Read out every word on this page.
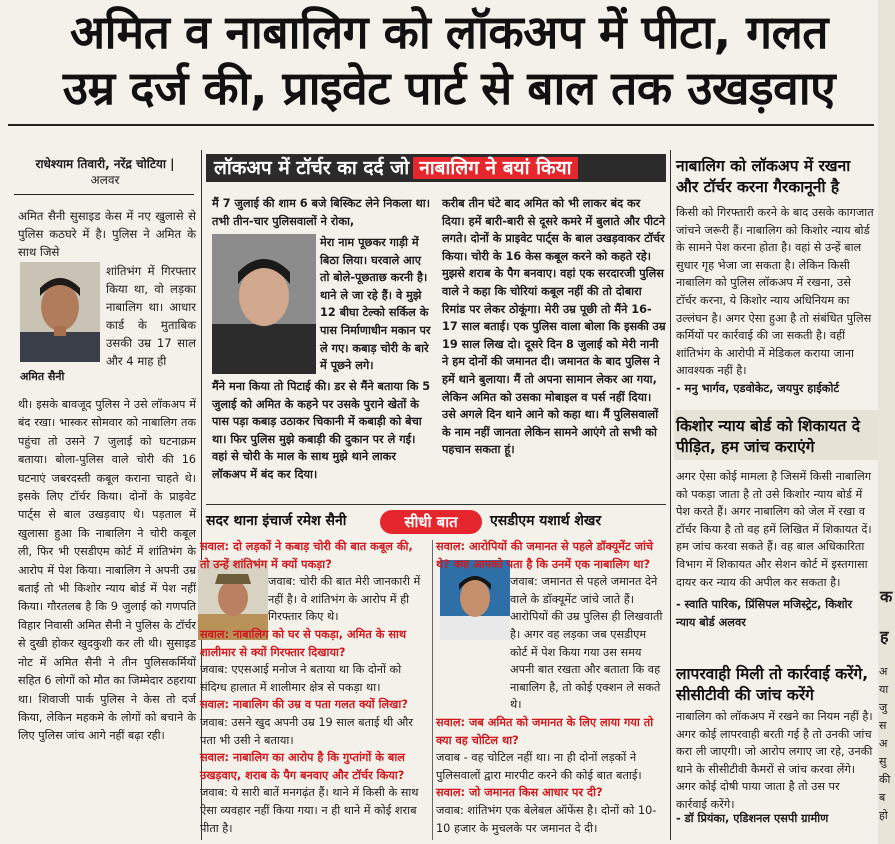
अमित व नाबालिग को लॉकअप में पीटा, गलत
उम्र दर्ज की, प्राइवेट पार्ट से बाल तक उखड़वाए
राधेश्याम तिवारी, नरेंद्र चोटिया |
अलवर
अमित सैनी सुसाइड केस में नए खुलासे से पुलिस कठघरे में है। पुलिस ने अमित के साथ जिसे
अमित सैनी
शांतिभंग में गिरफ्तार किया था, वो लड़का नाबालिग था। आधार कार्ड के मुताबिक उसकी उम्र 17 साल और 4 माह ही
थी। इसके बावजूद पुलिस ने उसे लॉकअप में बंद रखा। भास्कर सोमवार को नाबालिग तक पहुंचा तो उसने 7 जुलाई को घटनाक्रम बताया। बोला-पुलिस वाले चोरी की 16 घटनाएं जबरदस्ती कबूल कराना चाहते थे। इसके लिए टॉर्चर किया। दोनों के प्राइवेट पार्ट्स से बाल उखड़वाए थे। पड़ताल में खुलासा हुआ कि नाबालिग ने चोरी कबूल ली, फिर भी एसडीएम कोर्ट में शांतिभंग के आरोप में पेश किया। नाबालिग ने अपनी उम्र बताई तो भी किशोर न्याय बोर्ड में पेश नहीं किया। गौरतलब है कि 9 जुलाई को गणपति विहार निवासी अमित सैनी ने पुलिस के टॉर्चर से दुखी होकर खुदकुशी कर ली थी। सुसाइड नोट में अमित सैनी ने तीन पुलिसकर्मियों सहित 6 लोगों को मौत का जिम्मेदार ठहराया था। शिवाजी पार्क पुलिस ने केस तो दर्ज किया, लेकिन महकमे के लोगों को बचाने के लिए पुलिस जांच आगे नहीं बढ़ा रही।
लॉकअप में टॉर्चर का दर्द जो नाबालिग ने बयां किया
मैं 7 जुलाई की शाम 6 बजे बिस्किट लेने निकला था। तभी तीन-चार पुलिसवालों ने रोका,
मेरा नाम पूछकर गाड़ी में बिठा लिया। घरवाले आए तो बोले-पूछताछ करनी है। थाने ले जा रहे हैं। वे मुझे 12 बीघा टेल्को सर्किल के पास निर्माणाधीन मकान पर ले गए। कबाड़ चोरी के बारे में पूछने लगे।
मैंने मना किया तो पिटाई की। डर से मैंने बताया कि 5 जुलाई को अमित के कहने पर उसके पुराने खेतों के पास पड़ा कबाड़ उठाकर चिकानी में कबाड़ी को बेचा था। फिर पुलिस मुझे कबाड़ी की दुकान पर ले गई। वहां से चोरी के माल के साथ मुझे थाने लाकर लॉकअप में बंद कर दिया।
करीब तीन घंटे बाद अमित को भी लाकर बंद कर दिया। हमें बारी-बारी से दूसरे कमरे में बुलाते और पीटने लगते। दोनों के प्राइवेट पार्ट्स के बाल उखड़वाकर टॉर्चर किया। चोरी के 16 केस कबूल करने को कहते रहे। मुझसे शराब के पैग बनवाए। वहां एक सरदारजी पुलिस वाले ने कहा कि चोरियां कबूल नहीं की तो दोबारा रिमांड पर लेकर ठोकूंगा। मेरी उम्र पूछी तो मैंने 16-17 साल बताई। एक पुलिस वाला बोला कि इसकी उम्र 19 साल लिख दो। दूसरे दिन 8 जुलाई को मेरी नानी ने हम दोनों की जमानत दी। जमानत के बाद पुलिस ने हमें थाने बुलाया। मैं तो अपना सामान लेकर आ गया, लेकिन अमित को उसका मोबाइल व पर्स नहीं दिया। उसे अगले दिन थाने आने को कहा था। मैं पुलिसवालों के नाम नहीं जानता लेकिन सामने आएंगे तो सभी को पहचान सकता हूं।
नाबालिग को लॉकअप में रखना और टॉर्चर करना गैरकानूनी है
किसी को गिरफ्तारी करने के बाद उसके कागजात जांचने जरूरी हैं। नाबालिग को किशोर न्याय बोर्ड के सामने पेश करना होता है। वहां से उन्हें बाल सुधार गृह भेजा जा सकता है। लेकिन किसी नाबालिग को पुलिस लॉकअप में रखना, उसे टॉर्चर करना, ये किशोर न्याय अधिनियम का उल्लंघन है। अगर ऐसा हुआ है तो संबंधित पुलिस कर्मियों पर कार्रवाई की जा सकती है। वहीं शांतिभंग के आरोपी में मेडिकल कराया जाना आवश्यक नहीं है।
- मनु भार्गव, एडवोकेट, जयपुर हाईकोर्ट
किशोर न्याय बोर्ड को शिकायत दे पीड़ित, हम जांच कराएंगे
अगर ऐसा कोई मामला है जिसमें किसी नाबालिग को पकड़ा जाता है तो उसे किशोर न्याय बोर्ड में पेश करते हैं। अगर नाबालिग को जेल में रखा व टॉर्चर किया है तो वह हमें लिखित में शिकायत दें। हम जांच करवा सकते हैं। वह बाल अधिकारिता विभाग में शिकायत और सेशन कोर्ट में इस्तगासा दायर कर न्याय की अपील कर सकता है।
- स्वाति पारिक, प्रिंसिपल मजिस्ट्रेट, किशोर न्याय बोर्ड अलवर
लापरवाही मिली तो कार्रवाई करेंगे, सीसीटीवी की जांच करेंगे
नाबालिग को लॉकअप में रखने का नियम नहीं है। अगर कोई लापरवाही बरती गई है तो उनकी जांच करा ली जाएगी। जो आरोप लगाए जा रहे, उनकी थाने के सीसीटीवी कैमरों से जांच करवा लेंगे। अगर कोई दोषी पाया जाता है तो उस पर कार्रवाई करेंगे।
- डॉ प्रियंका, एडिशनल एसपी ग्रामीण
सदर थाना इंचार्ज रमेश सैनी	सीधी बात	एसडीएम यशार्थ शेखर
सवाल: दो लड़कों ने कबाड़ चोरी की बात कबूल की, तो उन्हें शांतिभंग में क्यों पकड़ा?
जवाब: चोरी की बात मेरी जानकारी में नहीं है। वे शांतिभंग के आरोप में ही गिरफ्तार किए थे।
सवाल: नाबालिग को घर से पकड़ा, अमित के साथ शालीमार से क्यों गिरफ्तार दिखाया?
जवाब: एएसआई मनोज ने बताया था कि दोनों को संदिग्ध हालात में शालीमार क्षेत्र से पकड़ा था।
सवाल: नाबालिग की उम्र व पता गलत क्यों लिखा?
जवाब: उसने खुद अपनी उम्र 19 साल बताई थी और पता भी उसी ने बताया।
सवाल: नाबालिग का आरोप है कि गुप्तांगों के बाल उखड़वाए, शराब के पैग बनवाए और टॉर्चर किया?
जवाब: ये सारी बातें मनगढ़ंत हैं। थाने में किसी के साथ ऐसा व्यवहार नहीं किया गया। न ही थाने में कोई शराब पीता है।
सवाल: आरोपियों की जमानत से पहले डॉक्यूमेंट जांचे थे? क्या आपको पता है कि उनमें एक नाबालिग था?
जवाब: जमानत से पहले जमानत देने वाले के डॉक्यूमेंट जांचे जाते हैं। आरोपियों की उम्र पुलिस ही लिखवाती है। अगर वह लड़का जब एसडीएम कोर्ट में पेश किया गया उस समय अपनी बात रखता और बताता कि वह नाबालिग है, तो कोई एक्शन ले सकते थे।
सवाल: जब अमित को जमानत के लिए लाया गया तो क्या वह चोटिल था?
जवाब - वह चोटिल नहीं था। ना ही दोनों लड़कों ने पुलिसवालों द्वारा मारपीट करने की कोई बात बताई।
सवाल: जो जमानत किस आधार पर दी?
जवाब: शांतिभंग एक बेलेबल ऑफेंस है। दोनों को 10-10 हजार के मुचलके पर जमानत दे दी।
क
ह
अ
या
जु
स
अ
सु
की
ब
हो
